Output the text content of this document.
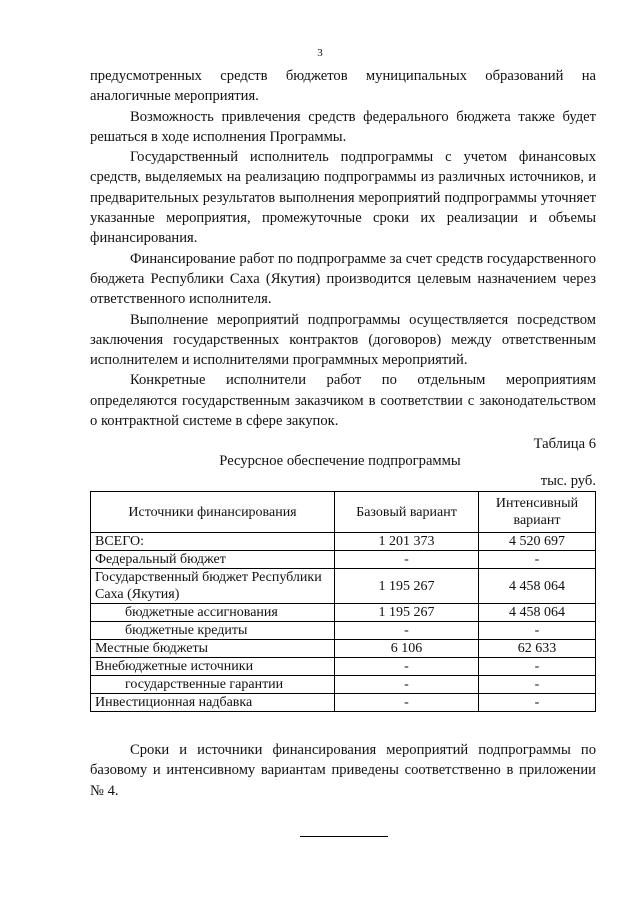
3

предусмотренных средств бюджетов муниципальных образований на аналогичные мероприятия.

Возможность привлечения средств федерального бюджета также будет решаться в ходе исполнения Программы.

Государственный исполнитель подпрограммы с учетом финансовых средств, выделяемых на реализацию подпрограммы из различных источников, и предварительных результатов выполнения мероприятий подпрограммы уточняет указанные мероприятия, промежуточные сроки их реализации и объемы финансирования.

Финансирование работ по подпрограмме за счет средств государственного бюджета Республики Саха (Якутия) производится целевым назначением через ответственного исполнителя.

Выполнение мероприятий подпрограммы осуществляется посредством заключения государственных контрактов (договоров) между ответственным исполнителем и исполнителями программных мероприятий.

Конкретные исполнители работ по отдельным мероприятиям определяются государственным заказчиком в соответствии с законодательством о контрактной системе в сфере закупок.

Таблица 6
Ресурсное обеспечение подпрограммы
тыс. руб.
Источники финансирования	Базовый вариант	Интенсивный вариант
ВСЕГО:	1 201 373	4 520 697
Федеральный бюджет	-	-
Государственный бюджет Республики Саха (Якутия)	1 195 267	4 458 064
бюджетные ассигнования	1 195 267	4 458 064
бюджетные кредиты	-	-
Местные бюджеты	6 106	62 633
Внебюджетные источники	-	-
государственные гарантии	-	-
Инвестиционная надбавка	-	-

Сроки и источники финансирования мероприятий подпрограммы по базовому и интенсивному вариантам приведены соответственно в приложении № 4.
